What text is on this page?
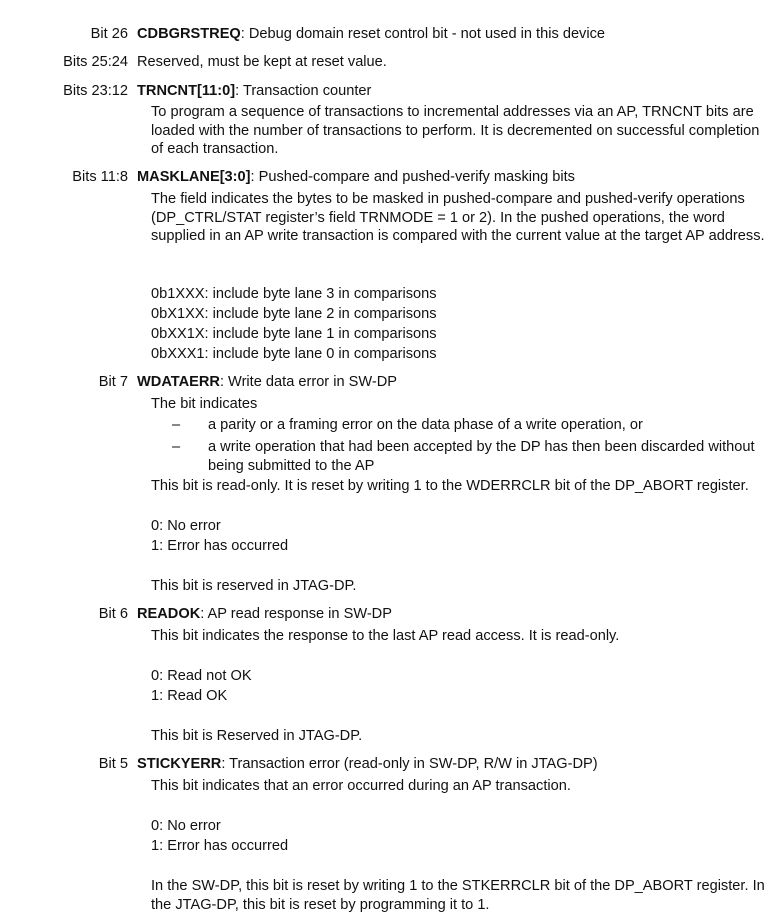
Bit 26 CDBGRSTREQ: Debug domain reset control bit - not used in this device
Bits 25:24 Reserved, must be kept at reset value.
Bits 23:12 TRNCNT[11:0]: Transaction counter
To program a sequence of transactions to incremental addresses via an AP, TRNCNT bits are loaded with the number of transactions to perform. It is decremented on successful completion of each transaction.
Bits 11:8 MASKLANE[3:0]: Pushed-compare and pushed-verify masking bits
The field indicates the bytes to be masked in pushed-compare and pushed-verify operations (DP_CTRL/STAT register’s field TRNMODE = 1 or 2). In the pushed operations, the word supplied in an AP write transaction is compared with the current value at the target AP address.
0b1XXX: include byte lane 3 in comparisons
0bX1XX: include byte lane 2 in comparisons
0bXX1X: include byte lane 1 in comparisons
0bXXX1: include byte lane 0 in comparisons
Bit 7 WDATAERR: Write data error in SW-DP
The bit indicates
– a parity or a framing error on the data phase of a write operation, or
– a write operation that had been accepted by the DP has then been discarded without being submitted to the AP
This bit is read-only. It is reset by writing 1 to the WDERRCLR bit of the DP_ABORT register.
0: No error
1: Error has occurred
This bit is reserved in JTAG-DP.
Bit 6 READOK: AP read response in SW-DP
This bit indicates the response to the last AP read access. It is read-only.
0: Read not OK
1: Read OK
This bit is Reserved in JTAG-DP.
Bit 5 STICKYERR: Transaction error (read-only in SW-DP, R/W in JTAG-DP)
This bit indicates that an error occurred during an AP transaction.
0: No error
1: Error has occurred
In the SW-DP, this bit is reset by writing 1 to the STKERRCLR bit of the DP_ABORT register. In the JTAG-DP, this bit is reset by programming it to 1.
